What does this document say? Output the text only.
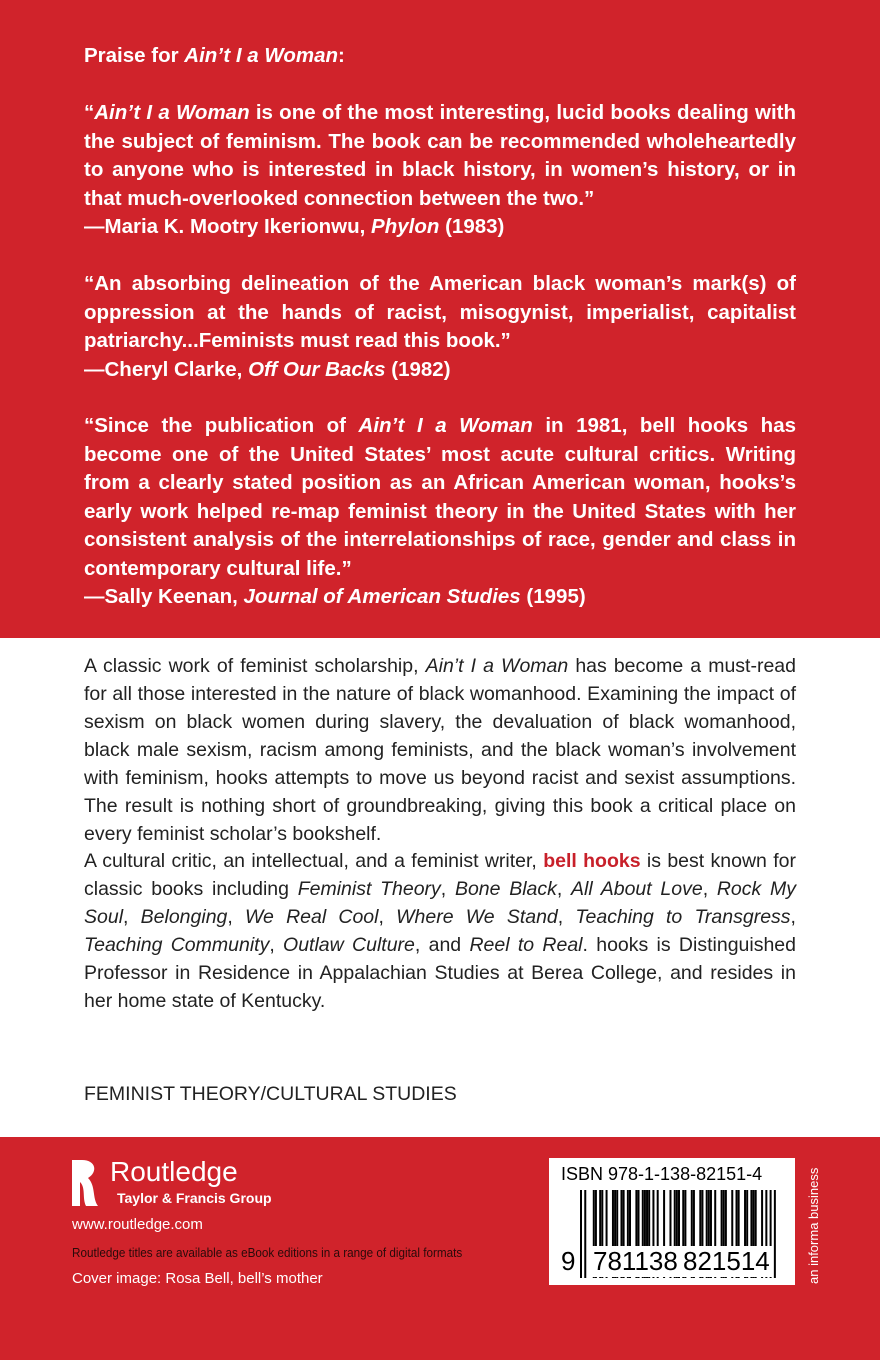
Praise for Ain’t I a Woman:
“Ain’t I a Woman is one of the most interesting, lucid books dealing with the subject of feminism. The book can be recommended wholeheartedly to anyone who is interested in black history, in women’s history, or in that much-overlooked connection between the two.”
—Maria K. Mootry Ikerionwu, Phylon (1983)
“An absorbing delineation of the American black woman’s mark(s) of oppression at the hands of racist, misogynist, imperialist, capitalist patriarchy...Feminists must read this book.”
—Cheryl Clarke, Off Our Backs (1982)
“Since the publication of Ain’t I a Woman in 1981, bell hooks has become one of the United States’ most acute cultural critics. Writing from a clearly stated position as an African American woman, hooks’s early work helped re-map feminist theory in the United States with her consistent analysis of the interrelationships of race, gender and class in contemporary cultural life.”
—Sally Keenan, Journal of American Studies (1995)
A classic work of feminist scholarship, Ain’t I a Woman has become a must-read for all those interested in the nature of black womanhood. Examining the impact of sexism on black women during slavery, the devaluation of black womanhood, black male sexism, racism among feminists, and the black woman’s involvement with feminism, hooks attempts to move us beyond racist and sexist assumptions. The result is nothing short of groundbreaking, giving this book a critical place on every feminist scholar’s bookshelf.
A cultural critic, an intellectual, and a feminist writer, bell hooks is best known for classic books including Feminist Theory, Bone Black, All About Love, Rock My Soul, Belonging, We Real Cool, Where We Stand, Teaching to Transgress, Teaching Community, Outlaw Culture, and Reel to Real. hooks is Distinguished Professor in Residence in Appalachian Studies at Berea College, and resides in her home state of Kentucky.
FEMINIST THEORY/CULTURAL STUDIES
Routledge
Taylor & Francis Group
www.routledge.com
Routledge titles are available as eBook editions in a range of digital formats
Cover image: Rosa Bell, bell’s mother
ISBN 978-1-138-82151-4
9 781138 821514	an informa business
